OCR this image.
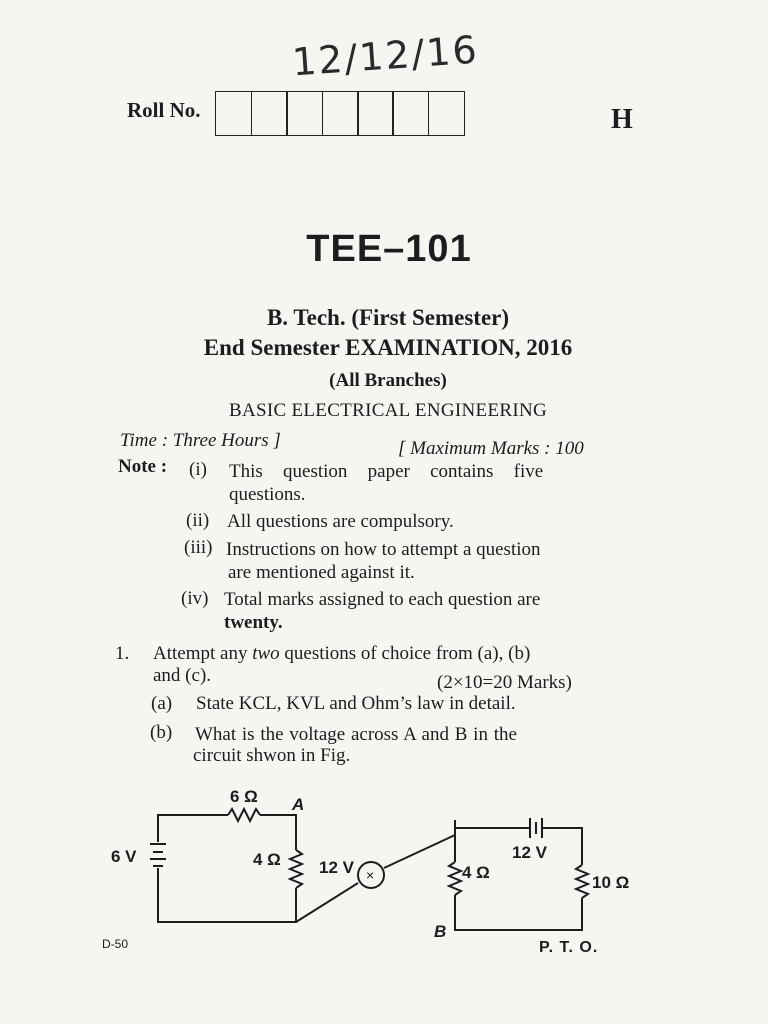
12/12/16
Roll No.	H
TEE–101
B. Tech. (First Semester)
End Semester EXAMINATION, 2016
(All Branches)
BASIC ELECTRICAL ENGINEERING
Time : Three Hours ]	[ Maximum Marks : 100
Note : (i) This   question   paper   contains   five
questions.
(ii) All questions are compulsory.
(iii) Instructions on how to attempt a question
are mentioned against it.
(iv) Total marks assigned to each question are
twenty.
1. Attempt any two questions of choice from (a), (b)
and (c).	(2×10=20 Marks)
(a) State KCL, KVL and Ohm’s law in detail.
(b) What is the voltage across A and B in the
circuit shwon in Fig.
6 Ω A
6 V	4 Ω 12 V	4 Ω
12 V
10 Ω
B
×
D-50	P. T. O.
